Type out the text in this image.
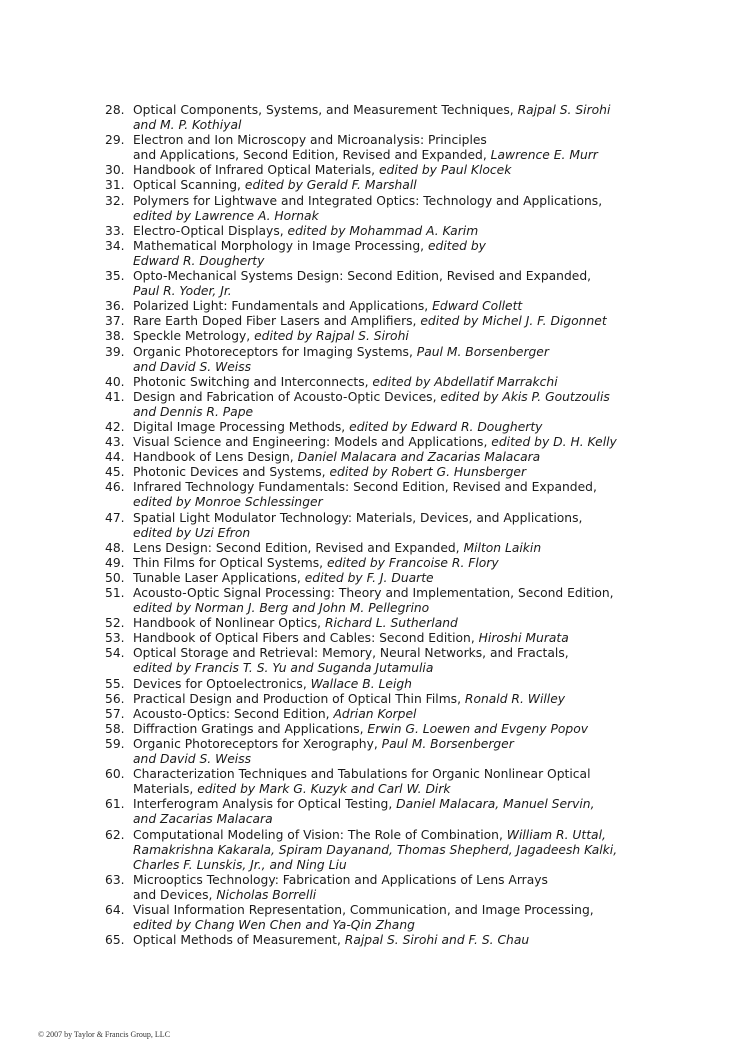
28. Optical Components, Systems, and Measurement Techniques, Rajpal S. Sirohi
and M. P. Kothiyal
29. Electron and Ion Microscopy and Microanalysis: Principles
and Applications, Second Edition, Revised and Expanded, Lawrence E. Murr
30. Handbook of Infrared Optical Materials, edited by Paul Klocek
31. Optical Scanning, edited by Gerald F. Marshall
32. Polymers for Lightwave and Integrated Optics: Technology and Applications,
edited by Lawrence A. Hornak
33. Electro-Optical Displays, edited by Mohammad A. Karim
34. Mathematical Morphology in Image Processing, edited by
Edward R. Dougherty
35. Opto-Mechanical Systems Design: Second Edition, Revised and Expanded,
Paul R. Yoder, Jr.
36. Polarized Light: Fundamentals and Applications, Edward Collett
37. Rare Earth Doped Fiber Lasers and Amplifiers, edited by Michel J. F. Digonnet
38. Speckle Metrology, edited by Rajpal S. Sirohi
39. Organic Photoreceptors for Imaging Systems, Paul M. Borsenberger
and David S. Weiss
40. Photonic Switching and Interconnects, edited by Abdellatif Marrakchi
41. Design and Fabrication of Acousto-Optic Devices, edited by Akis P. Goutzoulis
and Dennis R. Pape
42. Digital Image Processing Methods, edited by Edward R. Dougherty
43. Visual Science and Engineering: Models and Applications, edited by D. H. Kelly
44. Handbook of Lens Design, Daniel Malacara and Zacarias Malacara
45. Photonic Devices and Systems, edited by Robert G. Hunsberger
46. Infrared Technology Fundamentals: Second Edition, Revised and Expanded,
edited by Monroe Schlessinger
47. Spatial Light Modulator Technology: Materials, Devices, and Applications,
edited by Uzi Efron
48. Lens Design: Second Edition, Revised and Expanded, Milton Laikin
49. Thin Films for Optical Systems, edited by Francoise R. Flory
50. Tunable Laser Applications, edited by F. J. Duarte
51. Acousto-Optic Signal Processing: Theory and Implementation, Second Edition,
edited by Norman J. Berg and John M. Pellegrino
52. Handbook of Nonlinear Optics, Richard L. Sutherland
53. Handbook of Optical Fibers and Cables: Second Edition, Hiroshi Murata
54. Optical Storage and Retrieval: Memory, Neural Networks, and Fractals,
edited by Francis T. S. Yu and Suganda Jutamulia
55. Devices for Optoelectronics, Wallace B. Leigh
56. Practical Design and Production of Optical Thin Films, Ronald R. Willey
57. Acousto-Optics: Second Edition, Adrian Korpel
58. Diffraction Gratings and Applications, Erwin G. Loewen and Evgeny Popov
59. Organic Photoreceptors for Xerography, Paul M. Borsenberger
and David S. Weiss
60. Characterization Techniques and Tabulations for Organic Nonlinear Optical
Materials, edited by Mark G. Kuzyk and Carl W. Dirk
61. Interferogram Analysis for Optical Testing, Daniel Malacara, Manuel Servin,
and Zacarias Malacara
62. Computational Modeling of Vision: The Role of Combination, William R. Uttal,
Ramakrishna Kakarala, Spiram Dayanand, Thomas Shepherd, Jagadeesh Kalki,
Charles F. Lunskis, Jr., and Ning Liu
63. Microoptics Technology: Fabrication and Applications of Lens Arrays
and Devices, Nicholas Borrelli
64. Visual Information Representation, Communication, and Image Processing,
edited by Chang Wen Chen and Ya-Qin Zhang
65. Optical Methods of Measurement, Rajpal S. Sirohi and F. S. Chau
© 2007 by Taylor & Francis Group, LLC
